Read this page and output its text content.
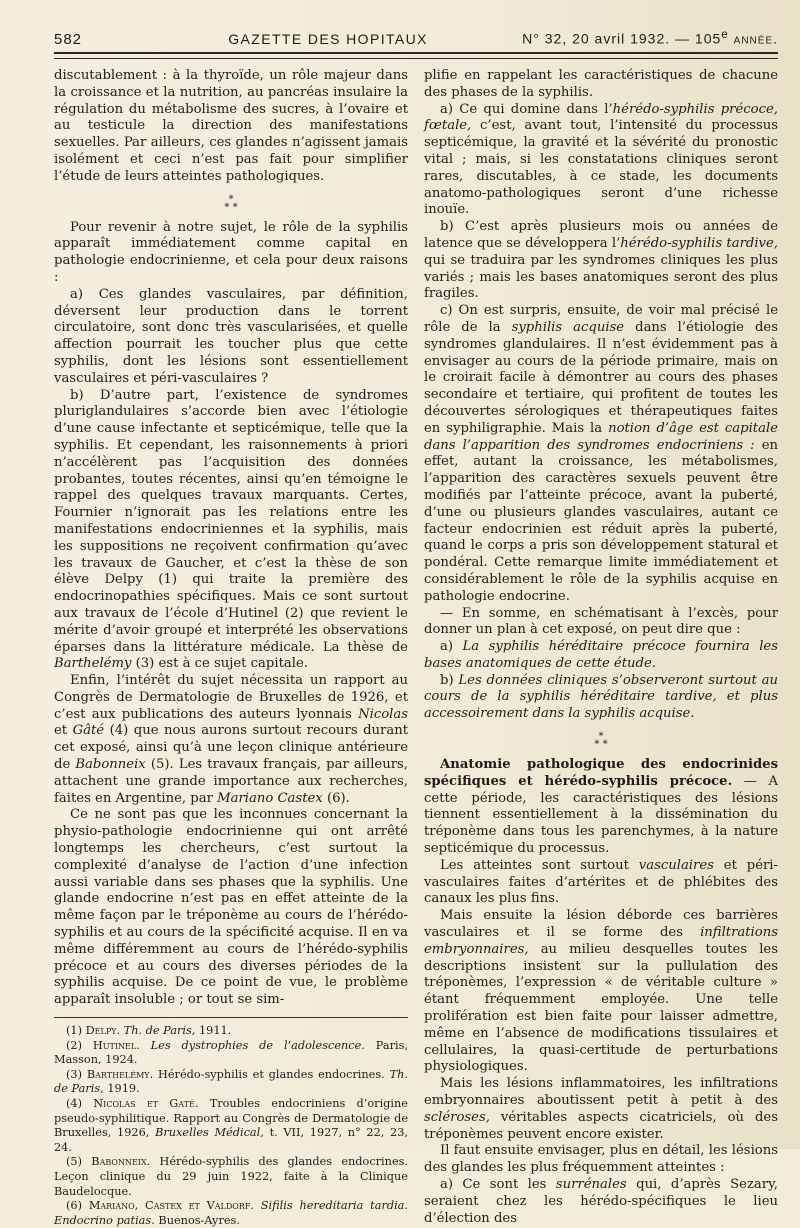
582	GAZETTE DES HOPITAUX	N° 32, 20 avril 1932. — 105e année.

discutablement : à la thyroïde, un rôle majeur dans la croissance et la nutrition, au pancréas insulaire la régulation du métabolisme des sucres, à l’ovaire et au testicule la direction des manifestations sexuelles. Par ailleurs, ces glandes n’agissent jamais isolément et ceci n’est pas fait pour simplifier l’étude de leurs atteintes pathologiques.

*
* *

Pour revenir à notre sujet, le rôle de la syphilis apparaît immédiatement comme capital en pathologie endocrinienne, et cela pour deux raisons :

a) Ces glandes vasculaires, par définition, déversent leur production dans le torrent circulatoire, sont donc très vascularisées, et quelle affection pourrait les toucher plus que cette syphilis, dont les lésions sont essentiellement vasculaires et péri-vasculaires ?

b) D’autre part, l’existence de syndromes pluriglandulaires s’accorde bien avec l’étiologie d’une cause infectante et septicémique, telle que la syphilis. Et cependant, les raisonnements à priori n’accélèrent pas l’acquisition des données probantes, toutes récentes, ainsi qu’en témoigne le rappel des quelques travaux marquants. Certes, Fournier n’ignorait pas les relations entre les manifestations endocriniennes et la syphilis, mais les suppositions ne reçoivent confirmation qu’avec les travaux de Gaucher, et c’est la thèse de son élève Delpy (1) qui traite la première des endocrinopathies spécifiques. Mais ce sont surtout aux travaux de l’école d’Hutinel (2) que revient le mérite d’avoir groupé et interprété les observations éparses dans la littérature médicale. La thèse de Barthelémy (3) est à ce sujet capitale.

Enfin, l’intérêt du sujet nécessita un rapport au Congrès de Dermatologie de Bruxelles de 1926, et c’est aux publications des auteurs lyonnais Nicolas et Gâté (4) que nous aurons surtout recours durant cet exposé, ainsi qu’à une leçon clinique antérieure de Babonneix (5). Les travaux français, par ailleurs, attachent une grande importance aux recherches, faites en Argentine, par Mariano Castex (6).

Ce ne sont pas que les inconnues concernant la physio-pathologie endocrinienne qui ont arrêté longtemps les chercheurs, c’est surtout la complexité d’analyse de l’action d’une infection aussi variable dans ses phases que la syphilis. Une glande endocrine n’est pas en effet atteinte de la même façon par le tréponème au cours de l’hérédo-syphilis et au cours de la spécificité acquise. Il en va même différemment au cours de l’hérédo-syphilis précoce et au cours des diverses périodes de la syphilis acquise. De ce point de vue, le problème apparaît insoluble ; or tout se sim-

(1) Delpy. Th. de Paris, 1911.
(2) Hutinel. Les dystrophies de l’adolescence. Paris, Masson, 1924.
(3) Barthelémy. Hérédo-syphilis et glandes endocrines. Th. de Paris, 1919.
(4) Nicolas et Gaté. Troubles endocriniens d’origine pseudo-syphilitique. Rapport au Congrès de Dermatologie de Bruxelles, 1926, Bruxelles Médical, t. VII, 1927, n° 22, 23, 24.
(5) Babonneix. Hérédo-syphilis des glandes endocrines. Leçon clinique du 29 juin 1922, faite à la Clinique Baudelocque.
(6) Mariano, Castex et Valdorf. Sifilis hereditaria tardia. Endocrino patias. Buenos-Ayres.

plifie en rappelant les caractéristiques de chacune des phases de la syphilis.

a) Ce qui domine dans l’hérédo-syphilis précoce, fœtale, c’est, avant tout, l’intensité du processus septicémique, la gravité et la sévérité du pronostic vital ; mais, si les constatations cliniques seront rares, discutables, à ce stade, les documents anatomo-pathologiques seront d’une richesse inouïe.

b) C’est après plusieurs mois ou années de latence que se développera l’hérédo-syphilis tardive, qui se traduira par les syndromes cliniques les plus variés ; mais les bases anatomiques seront des plus fragiles.

c) On est surpris, ensuite, de voir mal précisé le rôle de la syphilis acquise dans l’étiologie des syndromes glandulaires. Il n’est évidemment pas à envisager au cours de la période primaire, mais on le croirait facile à démontrer au cours des phases secondaire et tertiaire, qui profitent de toutes les découvertes sérologiques et thérapeutiques faites en syphiligraphie. Mais la notion d’âge est capitale dans l’apparition des syndromes endocriniens : en effet, autant la croissance, les métabolismes, l’apparition des caractères sexuels peuvent être modifiés par l’atteinte précoce, avant la puberté, d’une ou plusieurs glandes vasculaires, autant ce facteur endocrinien est réduit après la puberté, quand le corps a pris son développement statural et pondéral. Cette remarque limite immédiatement et considérablement le rôle de la syphilis acquise en pathologie endocrine.

— En somme, en schématisant à l’excès, pour donner un plan à cet exposé, on peut dire que :

a) La syphilis héréditaire précoce fournira les bases anatomiques de cette étude.

b) Les données cliniques s’observeront surtout au cours de la syphilis héréditaire tardive, et plus accessoirement dans la syphilis acquise.

*
* *

Anatomie pathologique des endocrinides spécifiques et hérédo-syphilis précoce. — A cette période, les caractéristiques des lésions tiennent essentiellement à la dissémination du tréponème dans tous les parenchymes, à la nature septicémique du processus.

Les atteintes sont surtout vasculaires et péri-vasculaires faites d’artérites et de phlébites des canaux les plus fins.

Mais ensuite la lésion déborde ces barrières vasculaires et il se forme des infiltrations embryonnaires, au milieu desquelles toutes les descriptions insistent sur la pullulation des tréponèmes, l’expression « de véritable culture » étant fréquemment employée. Une telle prolifération est bien faite pour laisser admettre, même en l’absence de modifications tissulaires et cellulaires, la quasi-certitude de perturbations physiologiques.

Mais les lésions inflammatoires, les infiltrations embryonnaires aboutissent petit à petit à des scléroses, véritables aspects cicatriciels, où des tréponèmes peuvent encore exister.

Il faut ensuite envisager, plus en détail, les lésions des glandes les plus fréquemment atteintes :

a) Ce sont les surrénales qui, d’après Sezary, seraient chez les hérédo-spécifiques le lieu d’élection des
